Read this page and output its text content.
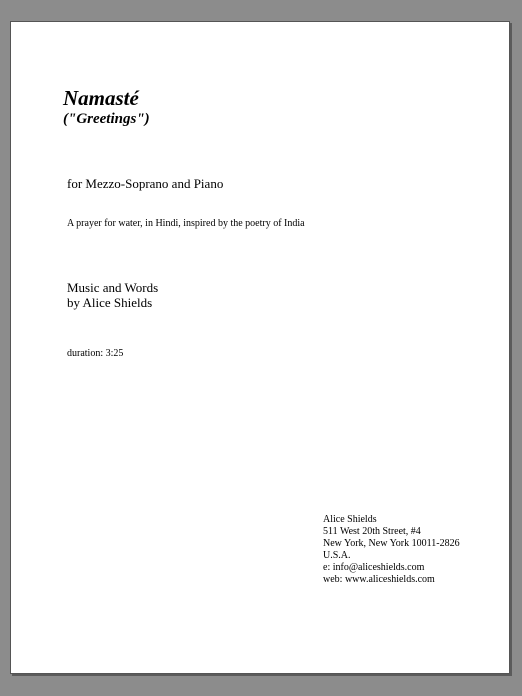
Namasté
("Greetings")
for Mezzo-Soprano and Piano
A prayer for water, in Hindi, inspired by the poetry of India
Music and Words
by Alice Shields
duration: 3:25
Alice Shields
511 West 20th Street, #4
New York, New York 10011-2826
U.S.A.
e: info@aliceshields.com
web: www.aliceshields.com
